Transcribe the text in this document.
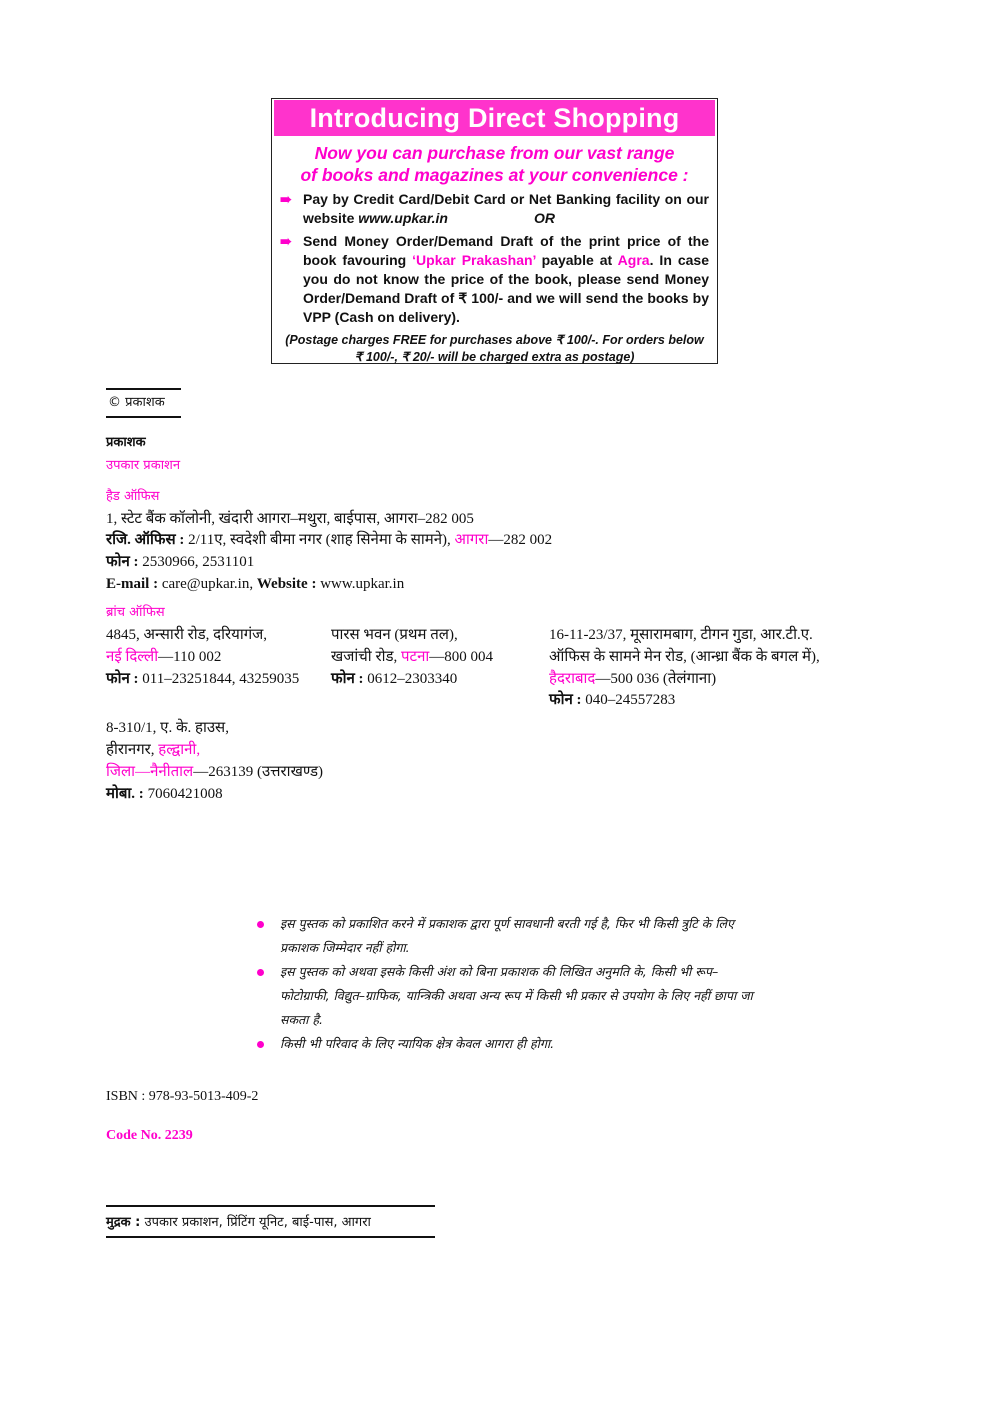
Introducing Direct Shopping
Now you can purchase from our vast range
of books and magazines at your convenience :
➠ Pay by Credit Card/Debit Card or Net Banking facility on our website www.upkar.in	OR
➠ Send Money Order/Demand Draft of the print price of the book favouring ‘Upkar Prakashan’ payable at Agra. In case you do not know the price of the book, please send Money Order/Demand Draft of ₹ 100/- and we will send the books by VPP (Cash on delivery).
(Postage charges FREE for purchases above ₹ 100/-. For orders below
₹ 100/-, ₹ 20/- will be charged extra as postage)
© प्रकाशक
प्रकाशक
उपकार प्रकाशन
हैड ऑफिस
1, स्टेट बैंक कॉलोनी, खंदारी आगरा–मथुरा, बाईपास, आगरा–282 005
रजि. ऑफिस : 2/11ए, स्वदेशी बीमा नगर (शाह सिनेमा के सामने), आगरा—282 002
फोन : 2530966, 2531101
E-mail : care@upkar.in, Website : www.upkar.in
ब्रांच ऑफिस
4845, अन्सारी रोड, दरियागंज,
नई दिल्ली—110 002
फोन : 011–23251844, 43259035
पारस भवन (प्रथम तल),
खजांची रोड, पटना—800 004
फोन : 0612–2303340
16-11-23/37, मूसारामबाग, टीगन गुडा, आर.टी.ए.
ऑफिस के सामने मेन रोड, (आन्ध्रा बैंक के बगल में),
हैदराबाद—500 036 (तेलंगाना)
फोन : 040–24557283
8-310/1, ए. के. हाउस,
हीरानगर, हल्द्वानी,
जिला—नैनीताल—263139 (उत्तराखण्ड)
मोबा. : 7060421008
इस पुस्तक को प्रकाशित करने में प्रकाशक द्वारा पूर्ण सावधानी बरती गई है, फिर भी किसी त्रुटि के लिए प्रकाशक जिम्मेदार नहीं होगा.
इस पुस्तक को अथवा इसके किसी अंश को बिना प्रकाशक की लिखित अनुमति के, किसी भी रूप–फोटोग्राफी, विद्युत–ग्राफिक, यान्त्रिकी अथवा अन्य रूप में किसी भी प्रकार से उपयोग के लिए नहीं छापा जा सकता है.
किसी भी परिवाद के लिए न्यायिक क्षेत्र केवल आगरा ही होगा.
ISBN : 978-93-5013-409-2
Code No. 2239
मुद्रक : उपकार प्रकाशन, प्रिंटिंग यूनिट, बाई-पास, आगरा
